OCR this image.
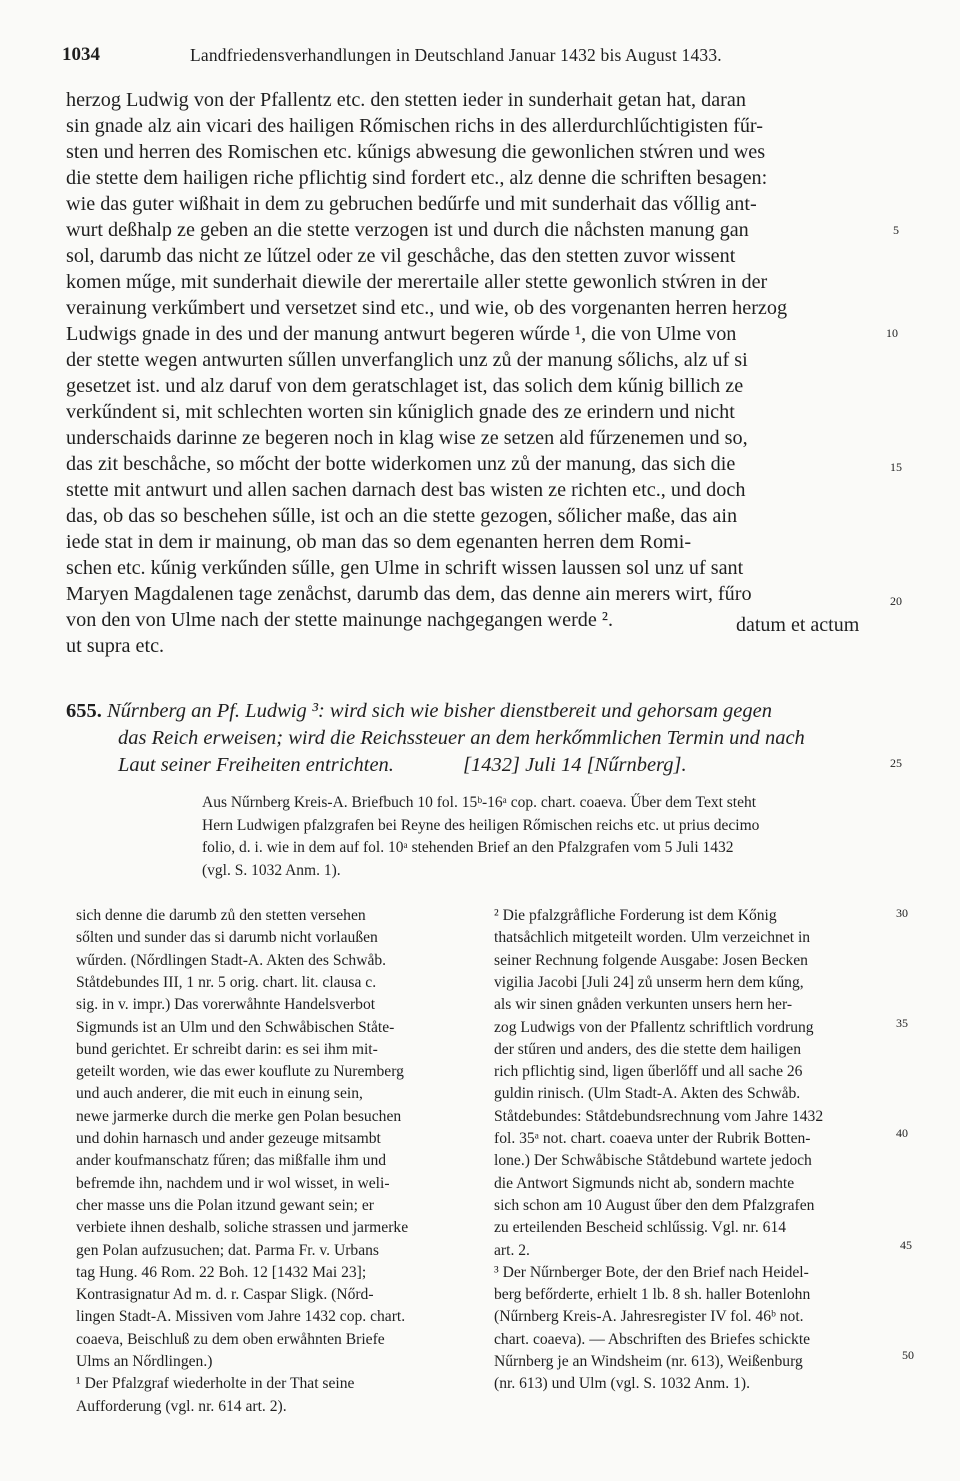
1034	Landfriedensverhandlungen in Deutschland Januar 1432 bis August 1433.
herzog Ludwig von der Pfallentz etc. den stetten ieder in sunderhait getan hat, daran
sin gnade alz ain vicari des hailigen Rőmischen richs in des allerdurchlűchtigisten fűr-
sten und herren des Romischen etc. kűnigs abwesung die gewonlichen stẃren und wes
die stette dem hailigen riche pflichtig sind fordert etc., alz denne die schriften besagen:
wie das guter wißhait in dem zu gebruchen bedűrfe und mit sunderhait das vőllig ant-
wurt deßhalp ze geben an die stette verzogen ist und durch die nåchsten manung gan
sol, darumb das nicht ze lűtzel oder ze vil geschåche, das den stetten zuvor wissent
komen műge, mit sunderhait diewile der merertaile aller stette gewonlich stẃren in der
verainung verkűmbert und versetzet sind etc., und wie, ob des vorgenanten herren herzog
Ludwigs gnade in des und der manung antwurt begeren wűrde ¹, die von Ulme von
der stette wegen antwurten sűllen unverfanglich unz zů der manung sőlichs, alz uf si
gesetzet ist. und alz daruf von dem geratschlaget ist, das solich dem kűnig billich ze
verkűndent si, mit schlechten worten sin kűniglich gnade des ze erindern und nicht
underschaids darinne ze begeren noch in klag wise ze setzen ald fűrzenemen und so,
das zit beschåche, so mőcht der botte widerkomen unz zů der manung, das sich die
stette mit antwurt und allen sachen darnach dest bas wisten ze richten etc., und doch
das, ob das so beschehen sűlle, ist och an die stette gezogen, sőlicher maße, das ain
iede stat in dem ir mainung, ob man das so dem egenanten herren dem Romi-
schen etc. kűnig verkűnden sűlle, gen Ulme in schrift wissen laussen sol unz uf sant
Maryen Magdalenen tage zenåchst, darumb das dem, das denne ain merers wirt, fűro
von den von Ulme nach der stette mainunge nachgegangen werde ².
ut supra etc.
datum et actum
5
10
15
20
25
30
35
40
45
50
655. Nűrnberg an Pf. Ludwig ³: wird sich wie bisher dienstbereit und gehorsam gegen
das Reich erweisen; wird die Reichssteuer an dem herkőmmlichen Termin und nach
Laut seiner Freiheiten entrichten.	[1432] Juli 14 [Nűrnberg].
Aus Nűrnberg Kreis-A. Briefbuch 10 fol. 15ᵇ-16ᵃ cop. chart. coaeva. Űber dem Text steht
Hern Ludwigen pfalzgrafen bei Reyne des heiligen Rőmischen reichs etc. ut prius decimo
folio, d. i. wie in dem auf fol. 10ᵃ stehenden Brief an den Pfalzgrafen vom 5 Juli 1432
(vgl. S. 1032 Anm. 1).
sich denne die darumb zů den stetten versehen
sőlten und sunder das si darumb nicht vorlaußen
wűrden. (Nőrdlingen Stadt-A. Akten des Schwåb.
Ståtdebundes III, 1 nr. 5 orig. chart. lit. clausa c.
sig. in v. impr.) Das vorerwåhnte Handelsverbot
Sigmunds ist an Ulm und den Schwåbischen Ståte-
bund gerichtet. Er schreibt darin: es sei ihm mit-
geteilt worden, wie das ewer kouflute zu Nuremberg
und auch anderer, die mit euch in einung sein,
newe jarmerke durch die merke gen Polan besuchen
und dohin harnasch und ander gezeuge mitsambt
ander koufmanschatz fűren; das mißfalle ihm und
befremde ihn, nachdem und ir wol wisset, in weli-
cher masse uns die Polan itzund gewant sein; er
verbiete ihnen deshalb, soliche strassen und jarmerke
gen Polan aufzusuchen; dat. Parma Fr. v. Urbans
tag Hung. 46 Rom. 22 Boh. 12 [1432 Mai 23];
Kontrasignatur Ad m. d. r. Caspar Sligk. (Nőrd-
lingen Stadt-A. Missiven vom Jahre 1432 cop. chart.
coaeva, Beischluß zu dem oben erwåhnten Briefe
Ulms an Nőrdlingen.)
¹ Der Pfalzgraf wiederholte in der That seine
Aufforderung (vgl. nr. 614 art. 2).
² Die pfalzgråfliche Forderung ist dem Kőnig
thatsåchlich mitgeteilt worden. Ulm verzeichnet in
seiner Rechnung folgende Ausgabe: Josen Becken
vigilia Jacobi [Juli 24] zů unserm hern dem kűng,
als wir sinen gnåden verkunten unsers hern her-
zog Ludwigs von der Pfallentz schriftlich vordrung
der stűren und anders, des die stette dem hailigen
rich pflichtig sind, ligen űberlőff und all sache 26
guldin rinisch. (Ulm Stadt-A. Akten des Schwåb.
Ståtdebundes: Ståtdebundsrechnung vom Jahre 1432
fol. 35ᵃ not. chart. coaeva unter der Rubrik Botten-
lone.) Der Schwåbische Ståtdebund wartete jedoch
die Antwort Sigmunds nicht ab, sondern machte
sich schon am 10 August űber den dem Pfalzgrafen
zu erteilenden Bescheid schlűssig. Vgl. nr. 614
art. 2.
³ Der Nűrnberger Bote, der den Brief nach Heidel-
berg befőrderte, erhielt 1 lb. 8 sh. haller Botenlohn
(Nűrnberg Kreis-A. Jahresregister IV fol. 46ᵇ not.
chart. coaeva). — Abschriften des Briefes schickte
Nűrnberg je an Windsheim (nr. 613), Weißenburg
(nr. 613) und Ulm (vgl. S. 1032 Anm. 1).
